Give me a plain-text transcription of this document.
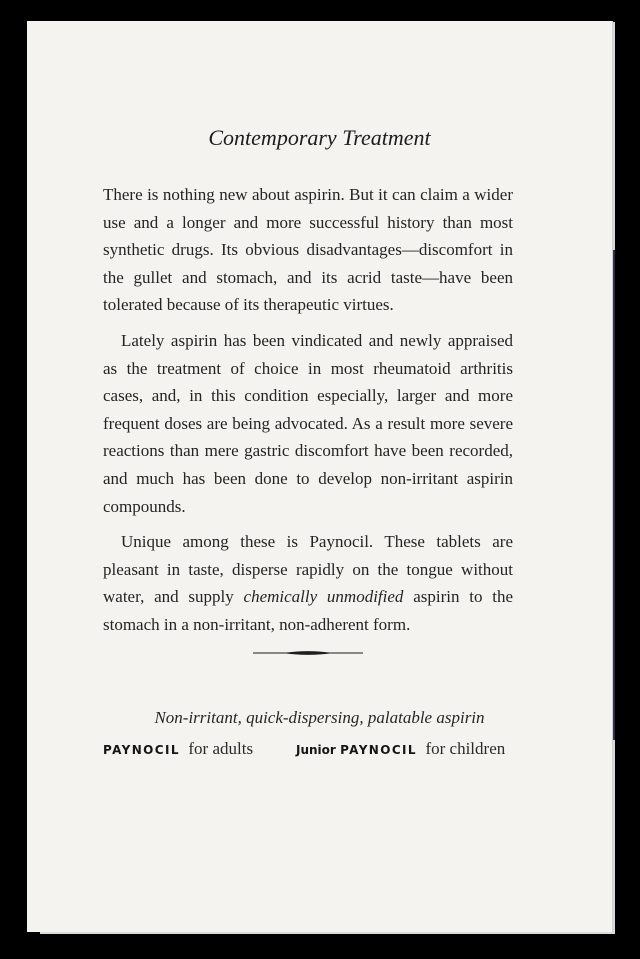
Contemporary Treatment

There is nothing new about aspirin. But it can claim a wider use and a longer and more successful history than most synthetic drugs. Its obvious disadvantages—discomfort in the gullet and stomach, and its acrid taste—have been tolerated because of its therapeutic virtues.

Lately aspirin has been vindicated and newly appraised as the treatment of choice in most rheumatoid arthritis cases, and, in this condition especially, larger and more frequent doses are being advocated. As a result more severe reactions than mere gastric discomfort have been recorded, and much has been done to develop non-irritant aspirin compounds.

Unique among these is Paynocil. These tablets are pleasant in taste, disperse rapidly on the tongue without water, and supply chemically unmodified aspirin to the stomach in a non-irritant, non-adherent form.

Non-irritant, quick-dispersing, palatable aspirin

PAYNOCIL for adults	Junior PAYNOCIL for children
